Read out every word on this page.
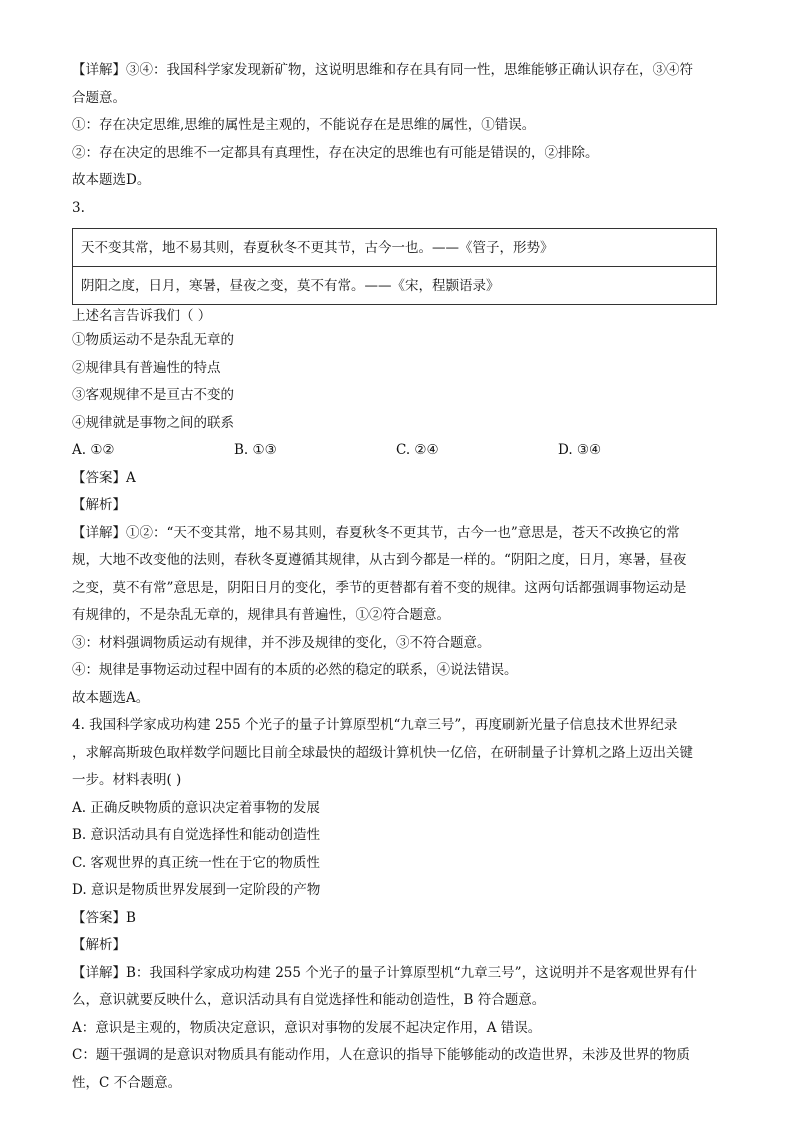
【详解】③④：我国科学家发现新矿物，这说明思维和存在具有同一性，思维能够正确认识存在，③④符
合题意。
①：存在决定思维,思维的属性是主观的，不能说存在是思维的属性，①错误。
②：存在决定的思维不一定都具有真理性，存在决定的思维也有可能是错误的，②排除。
故本题选D。
3.
天不变其常，地不易其则，春夏秋冬不更其节，古今一也。——《管子，形势》
阴阳之度，日月，寒暑，昼夜之变，莫不有常。——《宋，程颢语录》
上述名言告诉我们（ ）
①物质运动不是杂乱无章的
②规律具有普遍性的特点
③客观规律不是亘古不变的
④规律就是事物之间的联系
A. ①②	B. ①③	C. ②④	D. ③④
【答案】A
【解析】
【详解】①②：“天不变其常，地不易其则，春夏秋冬不更其节，古今一也”意思是，苍天不改换它的常
规，大地不改变他的法则，春秋冬夏遵循其规律，从古到今都是一样的。“阴阳之度，日月，寒暑，昼夜
之变，莫不有常”意思是，阴阳日月的变化，季节的更替都有着不变的规律。这两句话都强调事物运动是
有规律的，不是杂乱无章的，规律具有普遍性，①②符合题意。
③：材料强调物质运动有规律，并不涉及规律的变化，③不符合题意。
④：规律是事物运动过程中固有的本质的必然的稳定的联系，④说法错误。
故本题选A。
4. 我国科学家成功构建 255 个光子的量子计算原型机“九章三号”，再度刷新光量子信息技术世界纪录
，求解高斯玻色取样数学问题比目前全球最快的超级计算机快一亿倍，在研制量子计算机之路上迈出关键
一步。材料表明( )
A. 正确反映物质的意识决定着事物的发展
B. 意识活动具有自觉选择性和能动创造性
C. 客观世界的真正统一性在于它的物质性
D. 意识是物质世界发展到一定阶段的产物
【答案】B
【解析】
【详解】B：我国科学家成功构建 255 个光子的量子计算原型机“九章三号”，这说明并不是客观世界有什
么，意识就要反映什么，意识活动具有自觉选择性和能动创造性，B 符合题意。
A：意识是主观的，物质决定意识，意识对事物的发展不起决定作用，A 错误。
C：题干强调的是意识对物质具有能动作用，人在意识的指导下能够能动的改造世界，未涉及世界的物质
性，C 不合题意。
